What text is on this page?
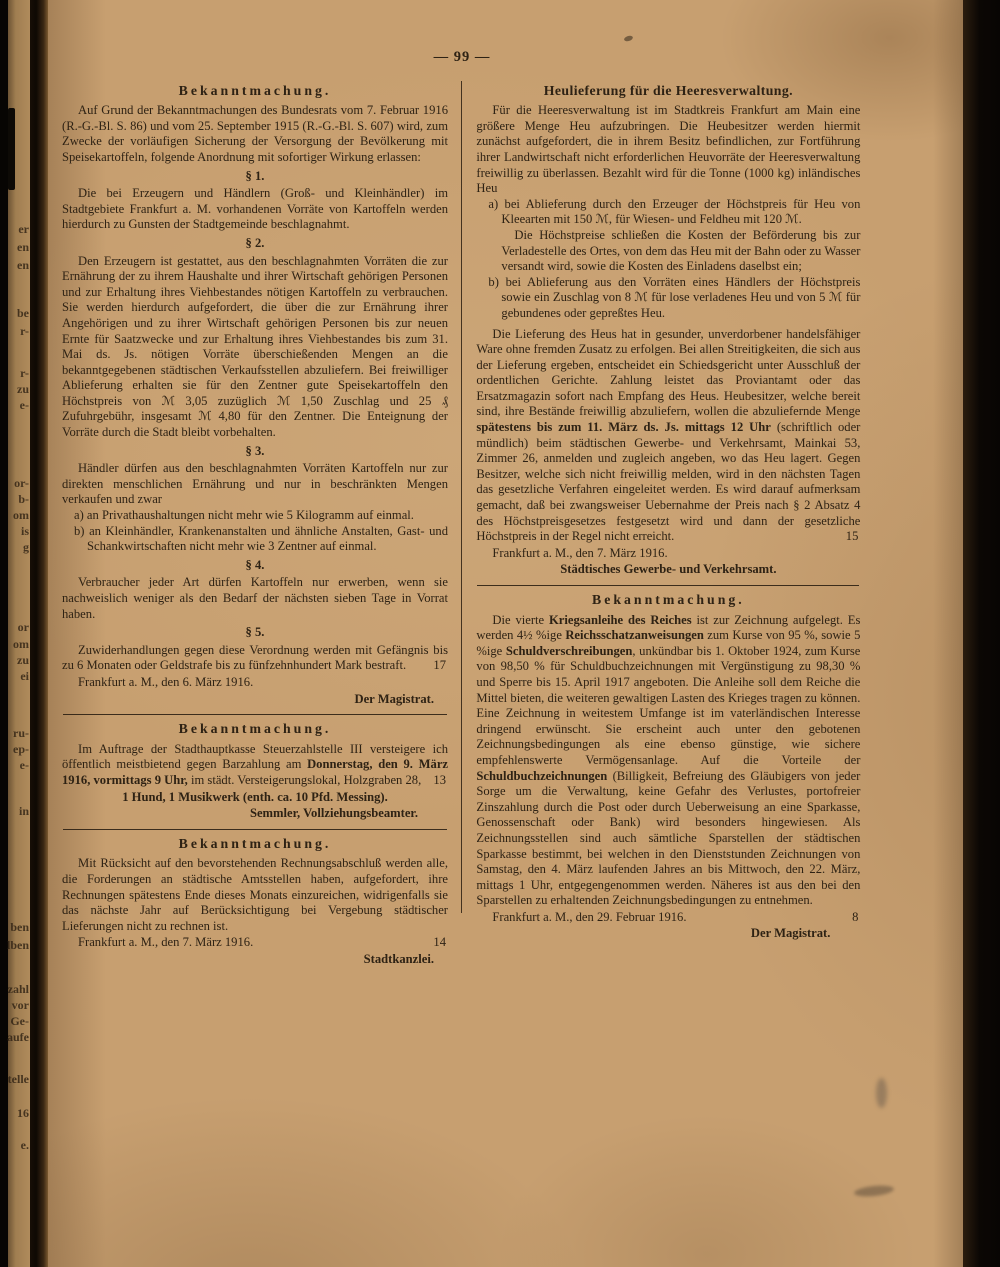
er
en
en
be
r-
r-
zu
e-
or-
b-
om
is
g
or
om
zu
ei
ru-
ep-
e-
in
ben
lben
zahl
vor
Ge-
aufe
telle
16
e.
— 99 —
Bekanntmachung.

Auf Grund der Bekanntmachungen des Bundesrats vom 7. Februar 1916 (R.-G.-Bl. S. 86) und vom 25. September 1915 (R.-G.-Bl. S. 607) wird, zum Zwecke der vorläufigen Sicherung der Versorgung der Bevölkerung mit Speisekartoffeln, folgende Anordnung mit sofortiger Wirkung erlassen:

§ 1.

Die bei Erzeugern und Händlern (Groß- und Kleinhändler) im Stadtgebiete Frankfurt a. M. vorhandenen Vorräte von Kartoffeln werden hierdurch zu Gunsten der Stadtgemeinde beschlagnahmt.

§ 2.

Den Erzeugern ist gestattet, aus den beschlagnahmten Vorräten die zur Ernährung der zu ihrem Haushalte und ihrer Wirtschaft gehörigen Personen und zur Erhaltung ihres Viehbestandes nötigen Kartoffeln zu verbrauchen. Sie werden hierdurch aufgefordert, die über die zur Ernährung ihrer Angehörigen und zu ihrer Wirtschaft gehörigen Personen bis zur neuen Ernte für Saatzwecke und zur Erhaltung ihres Viehbestandes bis zum 31. Mai ds. Js. nötigen Vorräte überschießenden Mengen an die bekanntgegebenen städtischen Verkaufsstellen abzuliefern. Bei freiwilliger Ablieferung erhalten sie für den Zentner gute Speisekartoffeln den Höchstpreis von ℳ 3,05 zuzüglich ℳ 1,50 Zuschlag und 25 ₰ Zufuhrgebühr, insgesamt ℳ 4,80 für den Zentner. Die Enteignung der Vorräte durch die Stadt bleibt vorbehalten.

§ 3.

Händler dürfen aus den beschlagnahmten Vorräten Kartoffeln nur zur direkten menschlichen Ernährung und nur in beschränkten Mengen verkaufen und zwar

a) an Privathaushaltungen nicht mehr wie 5 Kilogramm auf einmal.

b) an Kleinhändler, Krankenanstalten und ähnliche Anstalten, Gast- und Schankwirtschaften nicht mehr wie 3 Zentner auf einmal.

§ 4.

Verbraucher jeder Art dürfen Kartoffeln nur erwerben, wenn sie nachweislich weniger als den Bedarf der nächsten sieben Tage in Vorrat haben.

§ 5.

Zuwiderhandlungen gegen diese Verordnung werden mit Gefängnis bis zu 6 Monaten oder Geldstrafe bis zu fünfzehnhundert Mark bestraft.	17
Frankfurt a. M., den 6. März 1916.
Der Magistrat.
Bekanntmachung.

Im Auftrage der Stadthauptkasse Steuerzahlstelle III versteigere ich öffentlich meistbietend gegen Barzahlung am Donnerstag, den 9. März 1916, vormittags 9 Uhr, im städt. Versteigerungslokal, Holzgraben 28, 13
1 Hund, 1 Musikwerk (enth. ca. 10 Pfd. Messing).
Semmler, Vollziehungsbeamter.
Bekanntmachung.

Mit Rücksicht auf den bevorstehenden Rechnungsabschluß werden alle, die Forderungen an städtische Amtsstellen haben, aufgefordert, ihre Rechnungen spätestens Ende dieses Monats einzureichen, widrigenfalls sie das nächste Jahr auf Berücksichtigung bei Vergebung städtischer Lieferungen nicht zu rechnen ist.

Frankfurt a. M., den 7. März 1916.	14
Stadtkanzlei.
Heulieferung für die Heeresverwaltung.

Für die Heeresverwaltung ist im Stadtkreis Frankfurt am Main eine größere Menge Heu aufzubringen. Die Heubesitzer werden hiermit zunächst aufgefordert, die in ihrem Besitz befindlichen, zur Fortführung ihrer Landwirtschaft nicht erforderlichen Heuvorräte der Heeresverwaltung freiwillig zu überlassen. Bezahlt wird für die Tonne (1000 kg) inländisches Heu

a) bei Ablieferung durch den Erzeuger der Höchstpreis für Heu von Kleearten mit 150 ℳ, für Wiesen- und Feldheu mit 120 ℳ.

Die Höchstpreise schließen die Kosten der Beförderung bis zur Verladestelle des Ortes, von dem das Heu mit der Bahn oder zu Wasser versandt wird, sowie die Kosten des Einladens daselbst ein;

b) bei Ablieferung aus den Vorräten eines Händlers der Höchstpreis sowie ein Zuschlag von 8 ℳ für lose verladenes Heu und von 5 ℳ für gebundenes oder gepreßtes Heu.

Die Lieferung des Heus hat in gesunder, unverdorbener handelsfähiger Ware ohne fremden Zusatz zu erfolgen. Bei allen Streitigkeiten, die sich aus der Lieferung ergeben, entscheidet ein Schiedsgericht unter Ausschluß der ordentlichen Gerichte. Zahlung leistet das Proviantamt oder das Ersatzmagazin sofort nach Empfang des Heus. Heubesitzer, welche bereit sind, ihre Bestände freiwillig abzuliefern, wollen die abzuliefernde Menge spätestens bis zum 11. März ds. Js. mittags 12 Uhr (schriftlich oder mündlich) beim städtischen Gewerbe- und Verkehrsamt, Mainkai 53, Zimmer 26, anmelden und zugleich angeben, wo das Heu lagert. Gegen Besitzer, welche sich nicht freiwillig melden, wird in den nächsten Tagen das gesetzliche Verfahren eingeleitet werden. Es wird darauf aufmerksam gemacht, daß bei zwangsweiser Uebernahme der Preis nach § 2 Absatz 4 des Höchstpreisgesetzes festgesetzt wird und dann der gesetzliche Höchstpreis in der Regel nicht erreicht.	15
Frankfurt a. M., den 7. März 1916.
Städtisches Gewerbe- und Verkehrsamt.
Bekanntmachung.

Die vierte Kriegsanleihe des Reiches ist zur Zeichnung aufgelegt. Es werden 4½ %ige Reichsschatzanweisungen zum Kurse von 95 %, sowie 5 %ige Schuldverschreibungen, unkündbar bis 1. Oktober 1924, zum Kurse von 98,50 % für Schuldbuchzeichnungen mit Vergünstigung zu 98,30 % und Sperre bis 15. April 1917 angeboten. Die Anleihe soll dem Reiche die Mittel bieten, die weiteren gewaltigen Lasten des Krieges tragen zu können. Eine Zeichnung in weitestem Umfange ist im vaterländischen Interesse dringend erwünscht. Sie erscheint auch unter den gebotenen Zeichnungsbedingungen als eine ebenso günstige, wie sichere empfehlenswerte Vermögensanlage. Auf die Vorteile der Schuldbuchzeichnungen (Billigkeit, Befreiung des Gläubigers von jeder Sorge um die Verwaltung, keine Gefahr des Verlustes, portofreier Zinszahlung durch die Post oder durch Ueberweisung an eine Sparkasse, Genossenschaft oder Bank) wird besonders hingewiesen. Als Zeichnungsstellen sind auch sämtliche Sparstellen der städtischen Sparkasse bestimmt, bei welchen in den Dienststunden Zeichnungen von Samstag, den 4. März laufenden Jahres an bis Mittwoch, den 22. März, mittags 1 Uhr, entgegengenommen werden. Näheres ist aus den bei den Sparstellen zu erhaltenden Zeichnungsbedingungen zu entnehmen.

Frankfurt a. M., den 29. Februar 1916.	8
Der Magistrat.
